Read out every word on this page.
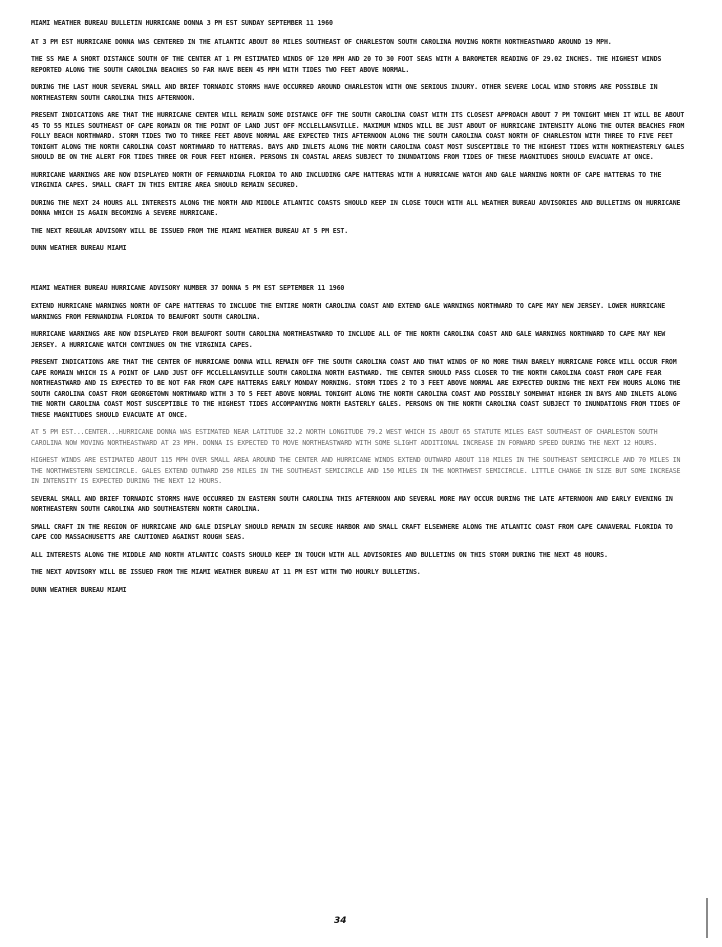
MIAMI WEATHER BUREAU BULLETIN HURRICANE DONNA 3 PM EST SUNDAY SEPTEMBER 11 1960
AT 3 PM EST HURRICANE DONNA WAS CENTERED IN THE ATLANTIC ABOUT 80 MILES SOUTHEAST OF CHARLESTON SOUTH CAROLINA MOVING NORTH NORTHEASTWARD AROUND 19 MPH.
THE SS MAE A SHORT DISTANCE SOUTH OF THE CENTER AT 1 PM ESTIMATED WINDS OF 120 MPH AND 20 TO 30 FOOT SEAS WITH A BAROMETER READING OF 29.02 INCHES. THE HIGHEST WINDS REPORTED ALONG THE SOUTH CAROLINA BEACHES SO FAR HAVE BEEN 45 MPH WITH TIDES TWO FEET ABOVE NORMAL.
DURING THE LAST HOUR SEVERAL SMALL AND BRIEF TORNADIC STORMS HAVE OCCURRED AROUND CHARLESTON WITH ONE SERIOUS INJURY. OTHER SEVERE LOCAL WIND STORMS ARE POSSIBLE IN NORTHEASTERN SOUTH CAROLINA THIS AFTERNOON.
PRESENT INDICATIONS ARE THAT THE HURRICANE CENTER WILL REMAIN SOME DISTANCE OFF THE SOUTH CAROLINA COAST WITH ITS CLOSEST APPROACH ABOUT 7 PM TONIGHT WHEN IT WILL BE ABOUT 45 TO 55 MILES SOUTHEAST OF CAPE ROMAIN OR THE POINT OF LAND JUST OFF MCCLELLANSVILLE. MAXIMUM WINDS WILL BE JUST ABOUT OF HURRICANE INTENSITY ALONG THE OUTER BEACHES FROM FOLLY BEACH NORTHWARD. STORM TIDES TWO TO THREE FEET ABOVE NORMAL ARE EXPECTED THIS AFTERNOON ALONG THE SOUTH CAROLINA COAST NORTH OF CHARLESTON WITH THREE TO FIVE FEET TONIGHT ALONG THE NORTH CAROLINA COAST NORTHWARD TO HATTERAS. BAYS AND INLETS ALONG THE NORTH CAROLINA COAST MOST SUSCEPTIBLE TO THE HIGHEST TIDES WITH NORTHEASTERLY GALES SHOULD BE ON THE ALERT FOR TIDES THREE OR FOUR FEET HIGHER. PERSONS IN COASTAL AREAS SUBJECT TO INUNDATIONS FROM TIDES OF THESE MAGNITUDES SHOULD EVACUATE AT ONCE.
HURRICANE WARNINGS ARE NOW DISPLAYED NORTH OF FERNANDINA FLORIDA TO AND INCLUDING CAPE HATTERAS WITH A HURRICANE WATCH AND GALE WARNING NORTH OF CAPE HATTERAS TO THE VIRGINIA CAPES. SMALL CRAFT IN THIS ENTIRE AREA SHOULD REMAIN SECURED.
DURING THE NEXT 24 HOURS ALL INTERESTS ALONG THE NORTH AND MIDDLE ATLANTIC COASTS SHOULD KEEP IN CLOSE TOUCH WITH ALL WEATHER BUREAU ADVISORIES AND BULLETINS ON HURRICANE DONNA WHICH IS AGAIN BECOMING A SEVERE HURRICANE.
THE NEXT REGULAR ADVISORY WILL BE ISSUED FROM THE MIAMI WEATHER BUREAU AT 5 PM EST.
DUNN WEATHER BUREAU MIAMI
MIAMI WEATHER BUREAU HURRICANE ADVISORY NUMBER 37 DONNA 5 PM EST SEPTEMBER 11 1960
EXTEND HURRICANE WARNINGS NORTH OF CAPE HATTERAS TO INCLUDE THE ENTIRE NORTH CAROLINA COAST AND EXTEND GALE WARNINGS NORTHWARD TO CAPE MAY NEW JERSEY. LOWER HURRICANE WARNINGS FROM FERNANDINA FLORIDA TO BEAUFORT SOUTH CAROLINA.
HURRICANE WARNINGS ARE NOW DISPLAYED FROM BEAUFORT SOUTH CAROLINA NORTHEASTWARD TO INCLUDE ALL OF THE NORTH CAROLINA COAST AND GALE WARNINGS NORTHWARD TO CAPE MAY NEW JERSEY. A HURRICANE WATCH CONTINUES ON THE VIRGINIA CAPES.
PRESENT INDICATIONS ARE THAT THE CENTER OF HURRICANE DONNA WILL REMAIN OFF THE SOUTH CAROLINA COAST AND THAT WINDS OF NO MORE THAN BARELY HURRICANE FORCE WILL OCCUR FROM CAPE ROMAIN WHICH IS A POINT OF LAND JUST OFF MCCLELLANSVILLE SOUTH CAROLINA NORTH EASTWARD. THE CENTER SHOULD PASS CLOSER TO THE NORTH CAROLINA COAST FROM CAPE FEAR NORTHEASTWARD AND IS EXPECTED TO BE NOT FAR FROM CAPE HATTERAS EARLY MONDAY MORNING. STORM TIDES 2 TO 3 FEET ABOVE NORMAL ARE EXPECTED DURING THE NEXT FEW HOURS ALONG THE SOUTH CAROLINA COAST FROM GEORGETOWN NORTHWARD WITH 3 TO 5 FEET ABOVE NORMAL TONIGHT ALONG THE NORTH CAROLINA COAST AND POSSIBLY SOMEWHAT HIGHER IN BAYS AND INLETS ALONG THE NORTH CAROLINA COAST MOST SUSCEPTIBLE TO THE HIGHEST TIDES ACCOMPANYING NORTH EASTERLY GALES. PERSONS ON THE NORTH CAROLINA COAST SUBJECT TO INUNDATIONS FROM TIDES OF THESE MAGNITUDES SHOULD EVACUATE AT ONCE.
AT 5 PM EST...CENTER...HURRICANE DONNA WAS ESTIMATED NEAR LATITUDE 32.2 NORTH LONGITUDE 79.2 WEST WHICH IS ABOUT 65 STATUTE MILES EAST SOUTHEAST OF CHARLESTON SOUTH CAROLINA NOW MOVING NORTHEASTWARD AT 23 MPH. DONNA IS EXPECTED TO MOVE NORTHEASTWARD WITH SOME SLIGHT ADDITIONAL INCREASE IN FORWARD SPEED DURING THE NEXT 12 HOURS.
HIGHEST WINDS ARE ESTIMATED ABOUT 115 MPH OVER SMALL AREA AROUND THE CENTER AND HURRICANE WINDS EXTEND OUTWARD ABOUT 110 MILES IN THE SOUTHEAST SEMICIRCLE AND 70 MILES IN THE NORTHWESTERN SEMICIRCLE. GALES EXTEND OUTWARD 250 MILES IN THE SOUTHEAST SEMICIRCLE AND 150 MILES IN THE NORTHWEST SEMICIRCLE. LITTLE CHANGE IN SIZE BUT SOME INCREASE IN INTENSITY IS EXPECTED DURING THE NEXT 12 HOURS.
SEVERAL SMALL AND BRIEF TORNADIC STORMS HAVE OCCURRED IN EASTERN SOUTH CAROLINA THIS AFTERNOON AND SEVERAL MORE MAY OCCUR DURING THE LATE AFTERNOON AND EARLY EVENING IN NORTHEASTERN SOUTH CAROLINA AND SOUTHEASTERN NORTH CAROLINA.
SMALL CRAFT IN THE REGION OF HURRICANE AND GALE DISPLAY SHOULD REMAIN IN SECURE HARBOR AND SMALL CRAFT ELSEWHERE ALONG THE ATLANTIC COAST FROM CAPE CANAVERAL FLORIDA TO CAPE COD MASSACHUSETTS ARE CAUTIONED AGAINST ROUGH SEAS.
ALL INTERESTS ALONG THE MIDDLE AND NORTH ATLANTIC COASTS SHOULD KEEP IN TOUCH WITH ALL ADVISORIES AND BULLETINS ON THIS STORM DURING THE NEXT 48 HOURS.
THE NEXT ADVISORY WILL BE ISSUED FROM THE MIAMI WEATHER BUREAU AT 11 PM EST WITH TWO HOURLY BULLETINS.
DUNN WEATHER BUREAU MIAMI
34
